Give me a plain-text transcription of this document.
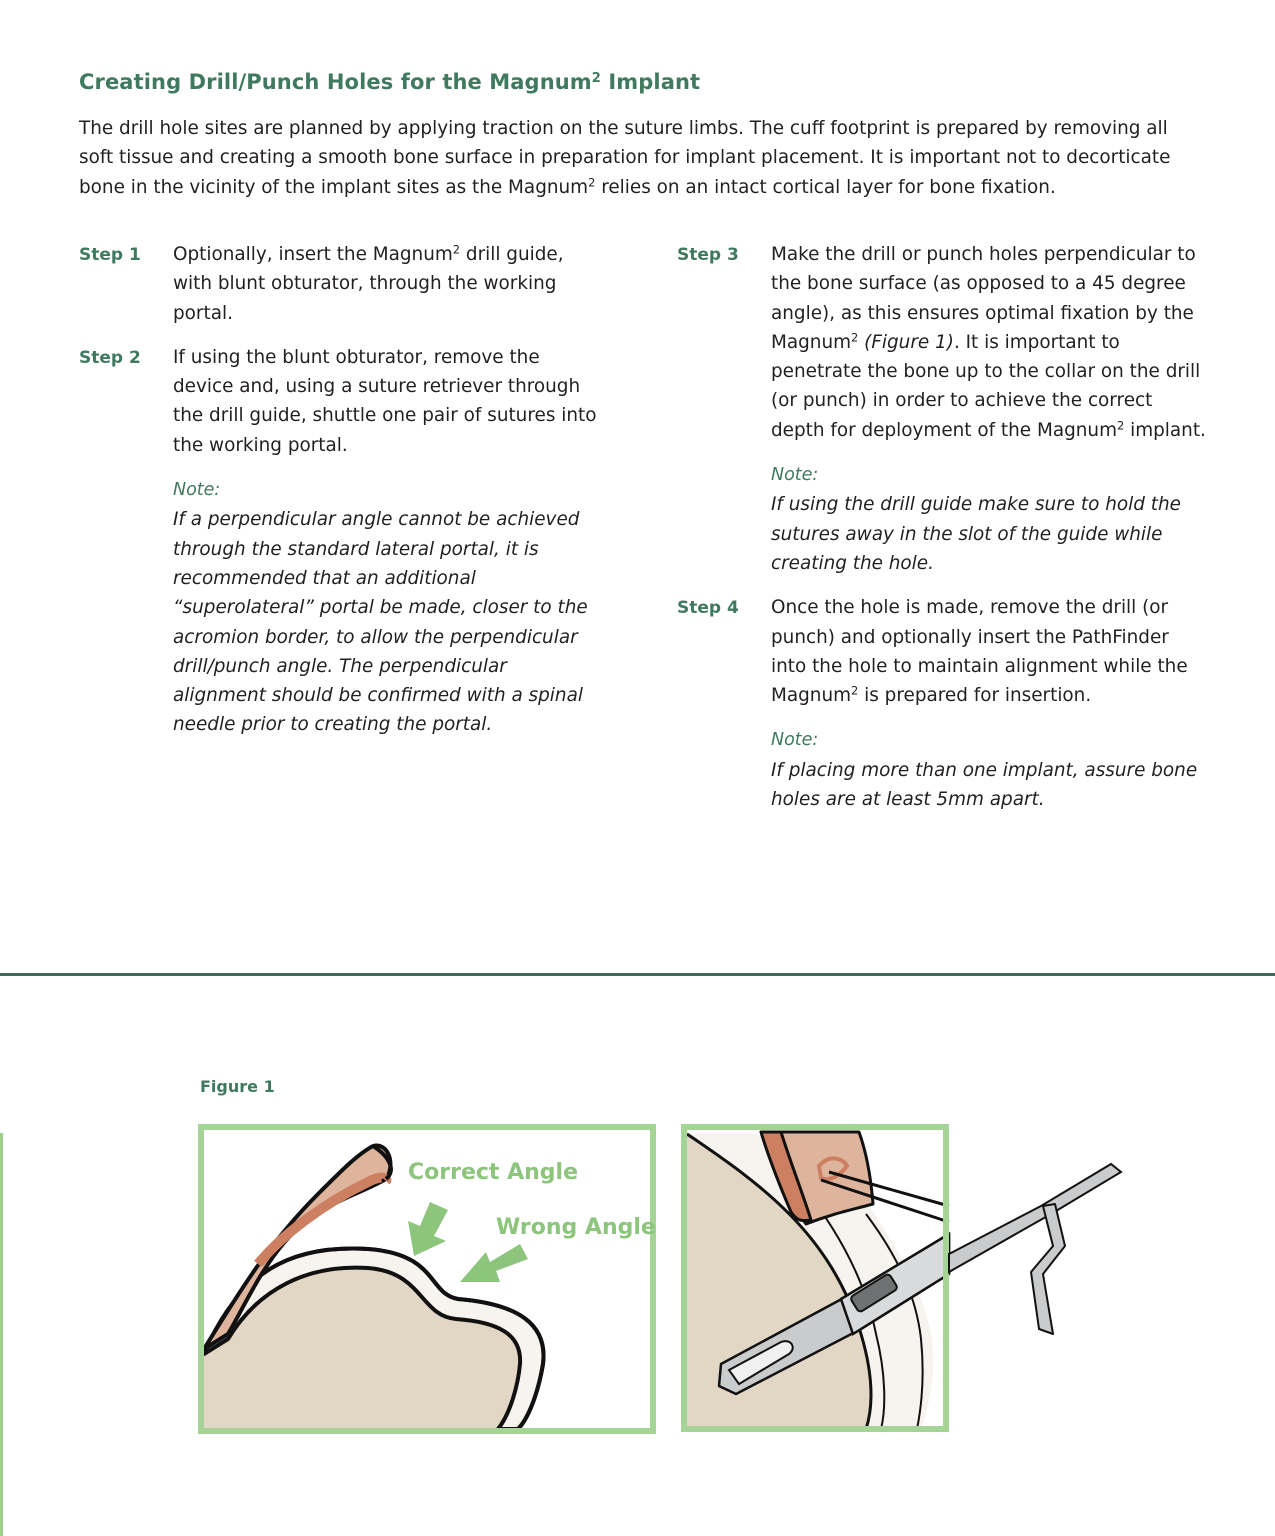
Creating Drill/Punch Holes for the Magnum$^2$ Implant

The drill hole sites are planned by applying traction on the suture limbs. The cuff footprint is prepared by removing all soft tissue and creating a smooth bone surface in preparation for implant placement. It is important not to decorticate bone in the vicinity of the implant sites as the Magnum$^2$ relies on an intact cortical layer for bone fixation.

Step 1 Optionally, insert the Magnum$^2$ drill guide, with blunt obturator, through the working portal.

Step 2 If using the blunt obturator, remove the device and, using a suture retriever through the drill guide, shuttle one pair of sutures into the working portal.

Note:

If a perpendicular angle cannot be achieved through the standard lateral portal, it is recommended that an additional “superolateral” portal be made, closer to the acromion border, to allow the perpendicular drill/punch angle. The perpendicular alignment should be confirmed with a spinal needle prior to creating the portal.

Step 3 Make the drill or punch holes perpendicular to the bone surface (as opposed to a 45 degree angle), as this ensures optimal fixation by the Magnum$^2$ (Figure 1). It is important to penetrate the bone up to the collar on the drill (or punch) in order to achieve the correct depth for deployment of the Magnum$^2$ implant.

Note:

If using the drill guide make sure to hold the sutures away in the slot of the guide while creating the hole.

Step 4 Once the hole is made, remove the drill (or punch) and optionally insert the PathFinder into the hole to maintain alignment while the Magnum$^2$ is prepared for insertion.

Note:

If placing more than one implant, assure bone holes are at least 5mm apart.

Figure 1
Correct Angle
Wrong Angle
